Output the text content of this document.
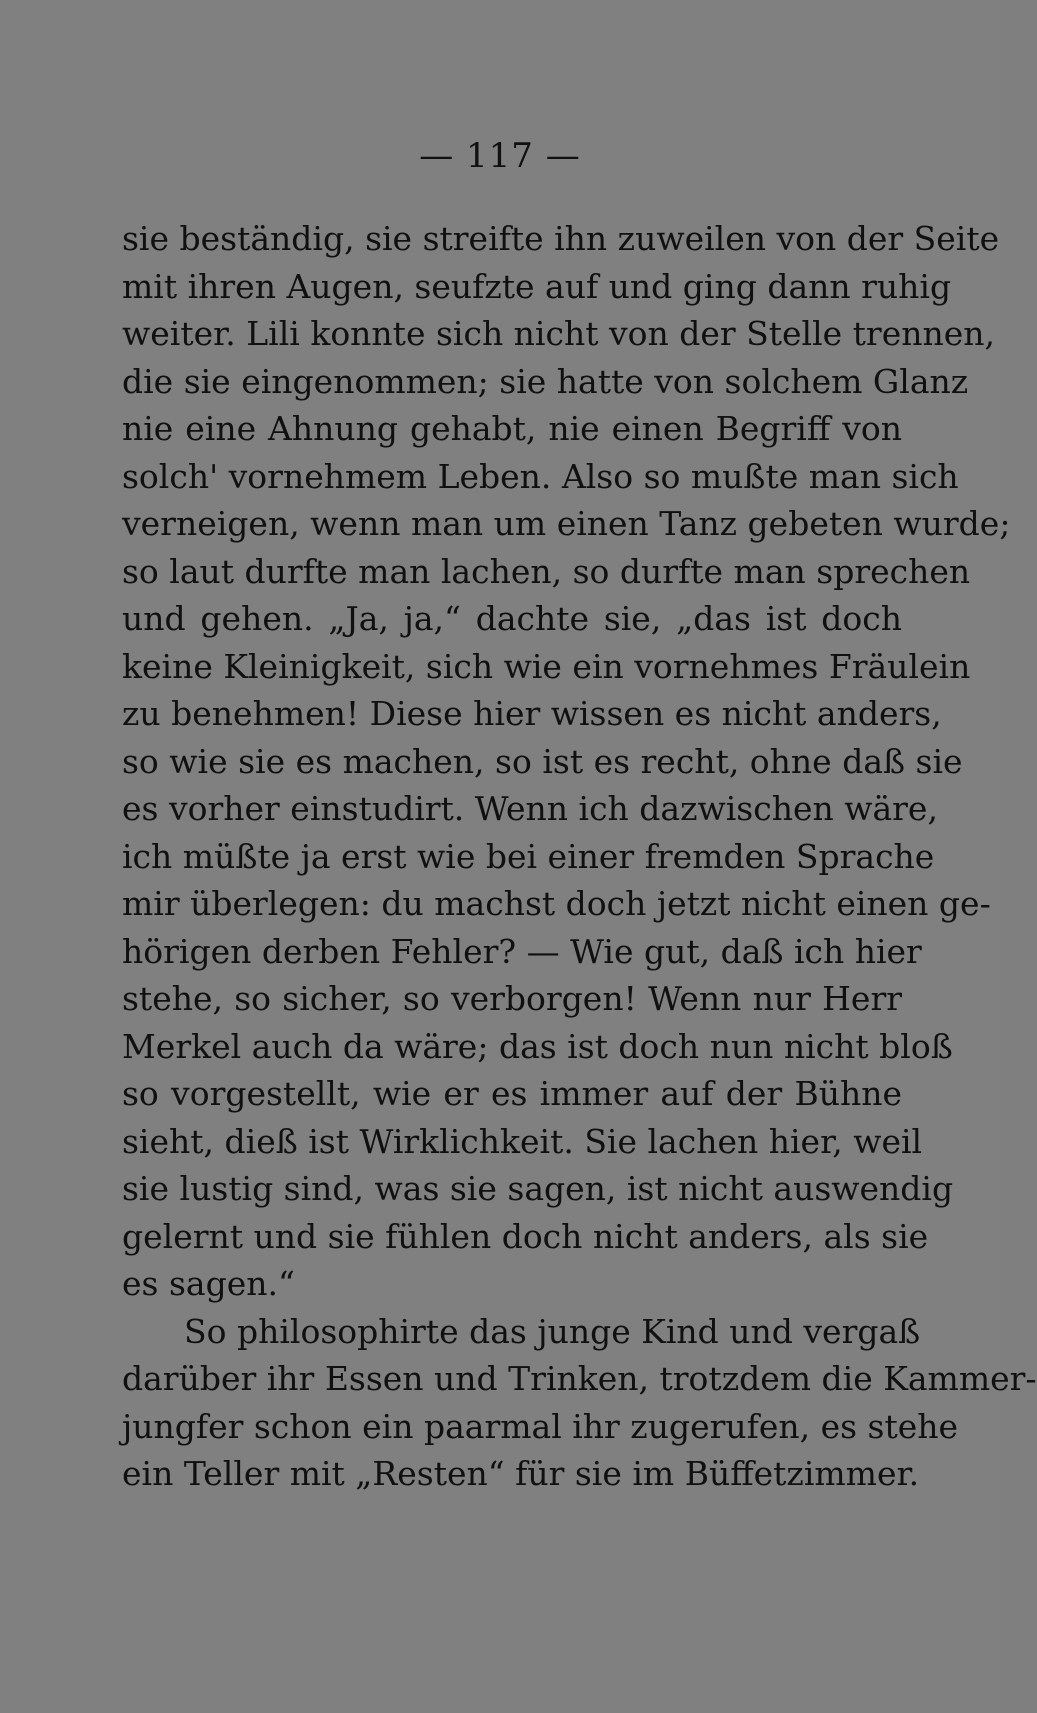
— 117 —
sie beständig, sie streifte ihn zuweilen von der Seite
mit ihren Augen, seufzte auf und ging dann ruhig
weiter. Lili konnte sich nicht von der Stelle trennen,
die sie eingenommen; sie hatte von solchem Glanz
nie eine Ahnung gehabt, nie einen Begriff von
solch' vornehmem Leben. Also so mußte man sich
verneigen, wenn man um einen Tanz gebeten wurde;
so laut durfte man lachen, so durfte man sprechen
und gehen. „Ja, ja,“ dachte sie, „das ist doch
keine Kleinigkeit, sich wie ein vornehmes Fräulein
zu benehmen! Diese hier wissen es nicht anders,
so wie sie es machen, so ist es recht, ohne daß sie
es vorher einstudirt. Wenn ich dazwischen wäre,
ich müßte ja erst wie bei einer fremden Sprache
mir überlegen: du machst doch jetzt nicht einen ge-
hörigen derben Fehler? — Wie gut, daß ich hier
stehe, so sicher, so verborgen! Wenn nur Herr
Merkel auch da wäre; das ist doch nun nicht bloß
so vorgestellt, wie er es immer auf der Bühne
sieht, dieß ist Wirklichkeit. Sie lachen hier, weil
sie lustig sind, was sie sagen, ist nicht auswendig
gelernt und sie fühlen doch nicht anders, als sie
es sagen.“
So philosophirte das junge Kind und vergaß
darüber ihr Essen und Trinken, trotzdem die Kammer-
jungfer schon ein paarmal ihr zugerufen, es stehe
ein Teller mit „Resten“ für sie im Büffetzimmer.
